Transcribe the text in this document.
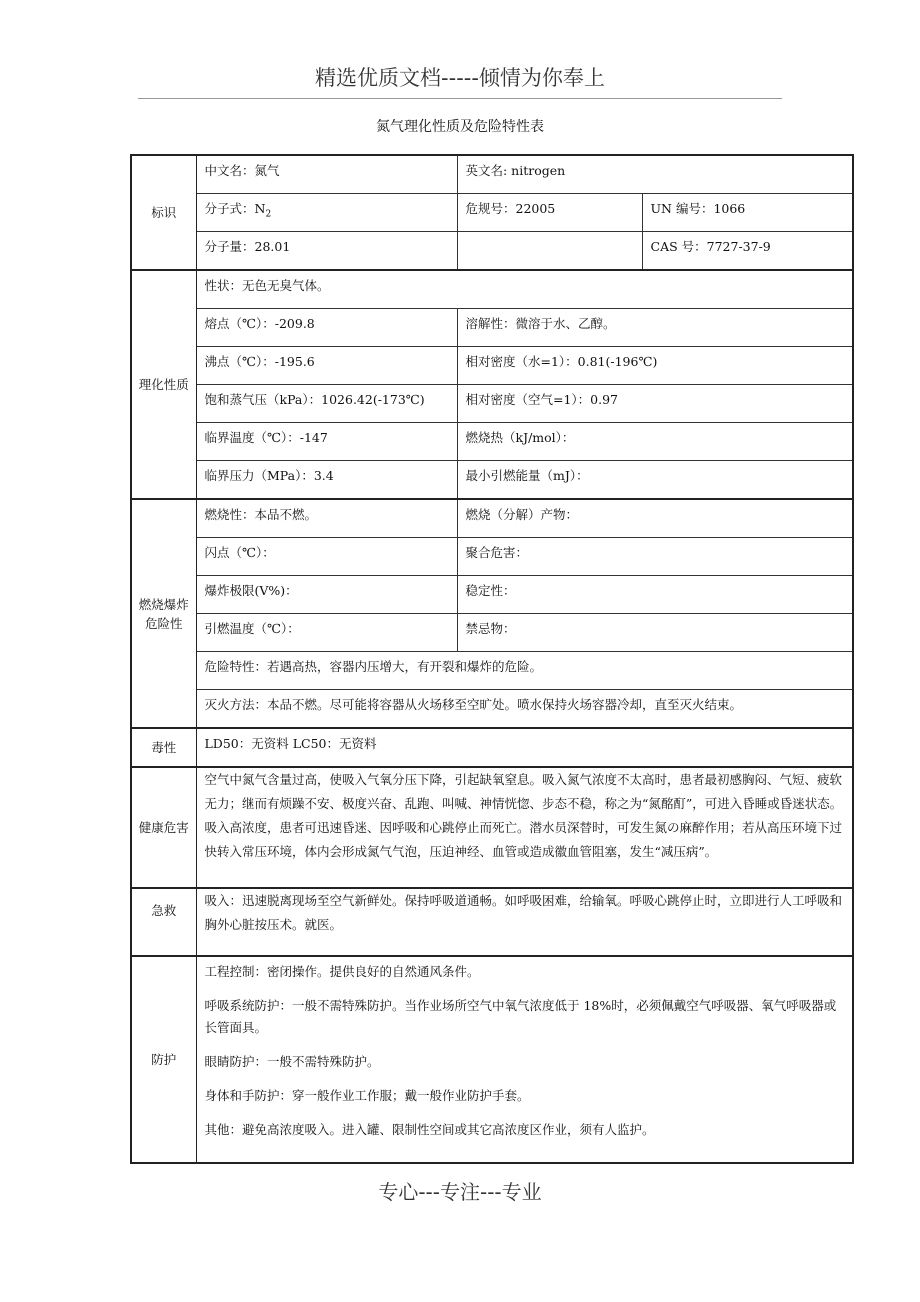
精选优质文档-----倾情为你奉上
氮气理化性质及危险特性表
标识	中文名：氮气	英文名: nitrogen	
	分子式：$N_2$	危规号：22005	UN 编号：1066
	分子量：28.01		CAS 号：7727-37-9
理化性质	性状：无色无臭气体。		
	熔点（℃）：-209.8	溶解性：微溶于水、乙醇。	
	沸点（℃）：-195.6	相对密度（水=1）：0.81(-196℃)	
	饱和蒸气压（kPa）：1026.42(-173℃)	相对密度（空气=1）：0.97	
	临界温度（℃）：-147	燃烧热（kJ/mol）：	
	临界压力（MPa）：3.4	最小引燃能量（mJ）：	
燃烧爆炸危险性	燃烧性：本品不燃。	燃烧（分解）产物：	
	闪点（℃）：	聚合危害：	
	爆炸极限(V%)：	稳定性：	
	引燃温度（℃）：	禁忌物：	
	危险特性：若遇高热，容器内压增大，有开裂和爆炸的危险。		
	灭火方法：本品不燃。尽可能将容器从火场移至空旷处。喷水保持火场容器冷却，直至灭火结束。		
毒性	LD50：无资料 LC50：无资料		
健康危害	空气中氮气含量过高，使吸入气氧分压下降，引起缺氧窒息。吸入氮气浓度不太高时，患者最初感胸闷、气短、疲软无力；继而有烦躁不安、极度兴奋、乱跑、叫喊、神情恍惚、步态不稳，称之为“氮酩酊”，可进入昏睡或昏迷状态。吸入高浓度，患者可迅速昏迷、因呼吸和心跳停止而死亡。潜水员深替时，可发生氮の麻醉作用；若从高压环境下过快转入常压环境，体内会形成氮气气泡，压迫神经、血管或造成徽血管阻塞，发生“减压病”。		
急救	吸入：迅速脱离现场至空气新鲜处。保持呼吸道通畅。如呼吸困难，给输氧。呼吸心跳停止时，立即进行人工呼吸和胸外心脏按压术。就医。		
防护	工程控制：密闭操作。提供良好的自然通风条件。

呼吸系统防护：一般不需特殊防护。当作业场所空气中氧气浓度低于 18%时，必须佩戴空气呼吸器、氧气呼吸器或长管面具。

眼睛防护：一般不需特殊防护。

身体和手防护：穿一般作业工作服；戴一般作业防护手套。

其他：避免高浓度吸入。进入罐、限制性空间或其它高浓度区作业，须有人监护。		

专心---专注---专业
